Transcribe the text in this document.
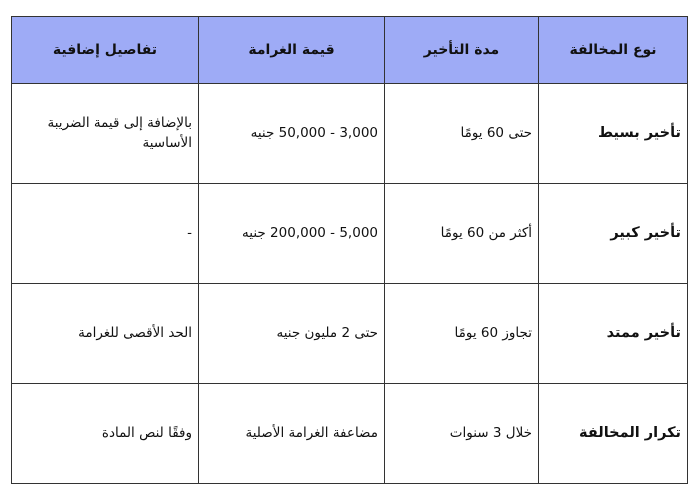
نوع المخالفة	مدة التأخير	قيمة الغرامة	تفاصيل إضافية
تأخير بسيط	حتى 60 يومًا	3,000 - 50,000 جنيه	بالإضافة إلى قيمة الضريبة الأساسية
تأخير كبير	أكثر من 60 يومًا	5,000 - 200,000 جنيه	-
تأخير ممتد	تجاوز 60 يومًا	حتى 2 مليون جنيه	الحد الأقصى للغرامة
تكرار المخالفة	خلال 3 سنوات	مضاعفة الغرامة الأصلية	وفقًا لنص المادة
